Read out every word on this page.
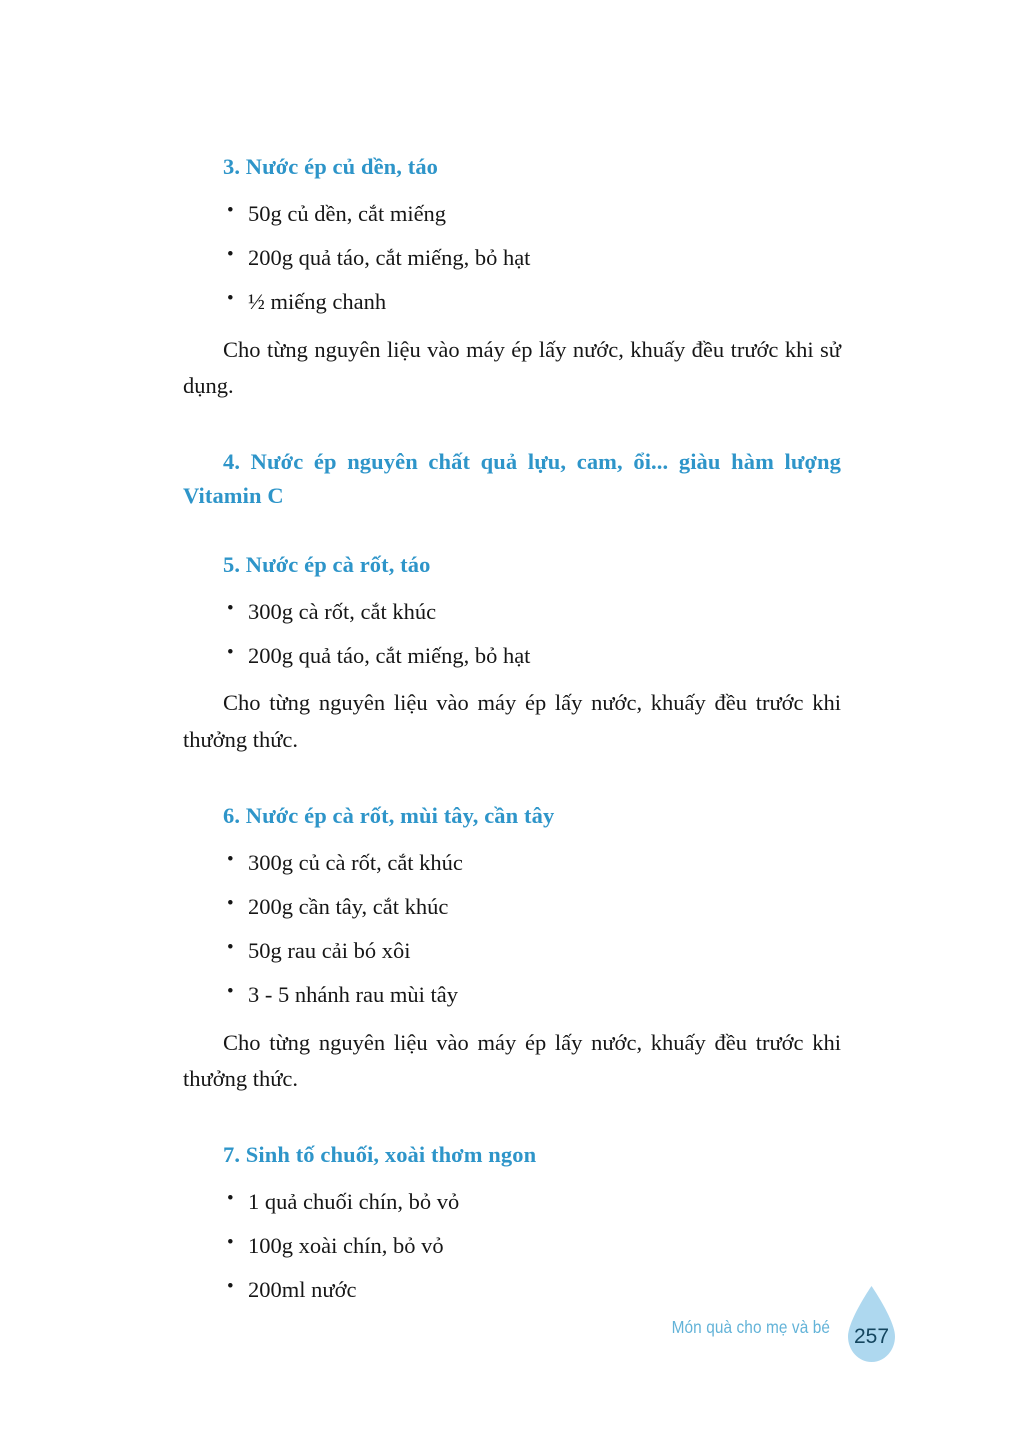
3. Nước ép củ dền, táo
• 50g củ dền, cắt miếng
• 200g quả táo, cắt miếng, bỏ hạt
• ½ miếng chanh

Cho từng nguyên liệu vào máy ép lấy nước, khuấy đều trước khi sử dụng.

4. Nước ép nguyên chất quả lựu, cam, ổi... giàu hàm lượng Vitamin C
5. Nước ép cà rốt, táo
• 300g cà rốt, cắt khúc
• 200g quả táo, cắt miếng, bỏ hạt

Cho từng nguyên liệu vào máy ép lấy nước, khuấy đều trước khi thưởng thức.

6. Nước ép cà rốt, mùi tây, cần tây
• 300g củ cà rốt, cắt khúc
• 200g cần tây, cắt khúc
• 50g rau cải bó xôi
• 3 - 5 nhánh rau mùi tây

Cho từng nguyên liệu vào máy ép lấy nước, khuấy đều trước khi thưởng thức.

7. Sinh tố chuối, xoài thơm ngon
• 1 quả chuối chín, bỏ vỏ
• 100g xoài chín, bỏ vỏ
• 200ml nước
Món quà cho mẹ và bé 257
